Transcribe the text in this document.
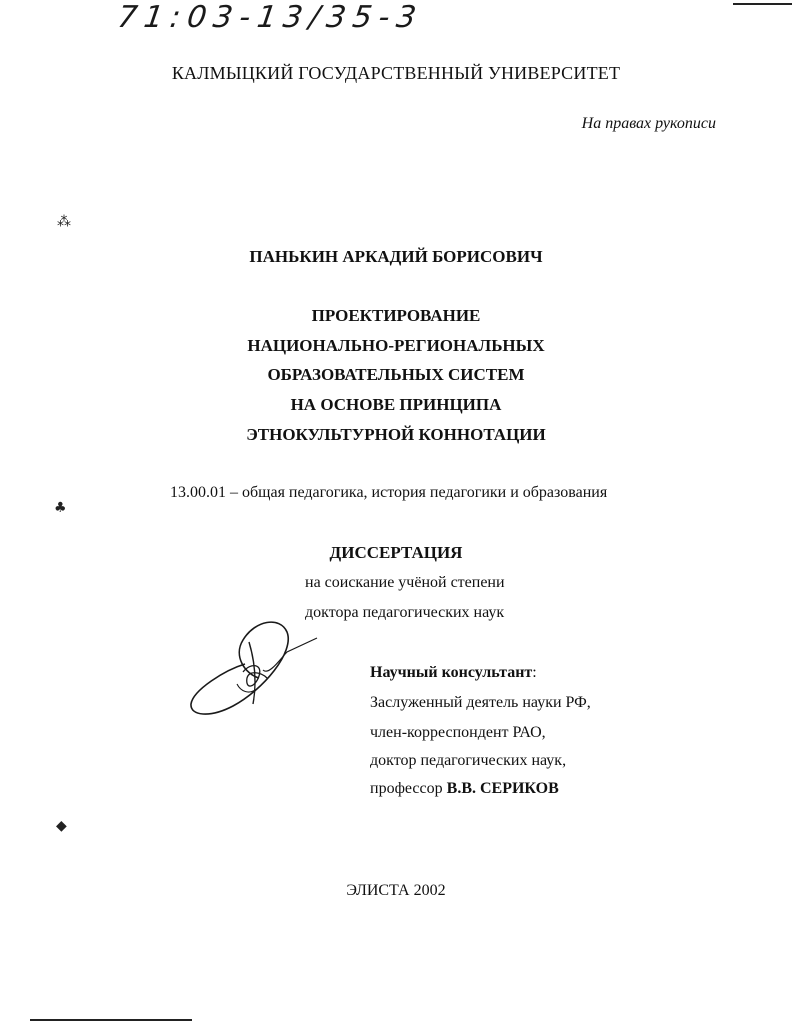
71:03-13/35-3
КАЛМЫЦКИЙ ГОСУДАРСТВЕННЫЙ УНИВЕРСИТЕТ
На правах рукописи
⁂
♣
◆
ПАНЬКИН АРКАДИЙ БОРИСОВИЧ
ПРОЕКТИРОВАНИЕ
НАЦИОНАЛЬНО-РЕГИОНАЛЬНЫХ
ОБРАЗОВАТЕЛЬНЫХ СИСТЕМ
НА ОСНОВЕ ПРИНЦИПА
ЭТНОКУЛЬТУРНОЙ КОННОТАЦИИ
13.00.01 – общая педагогика, история педагогики и образования
ДИССЕРТАЦИЯ
на соискание учёной степени
доктора педагогических наук
Научный консультант:
Заслуженный деятель науки РФ,
член-корреспондент РАО,
доктор педагогических наук,
профессор В.В. СЕРИКОВ
ЭЛИСТА 2002
